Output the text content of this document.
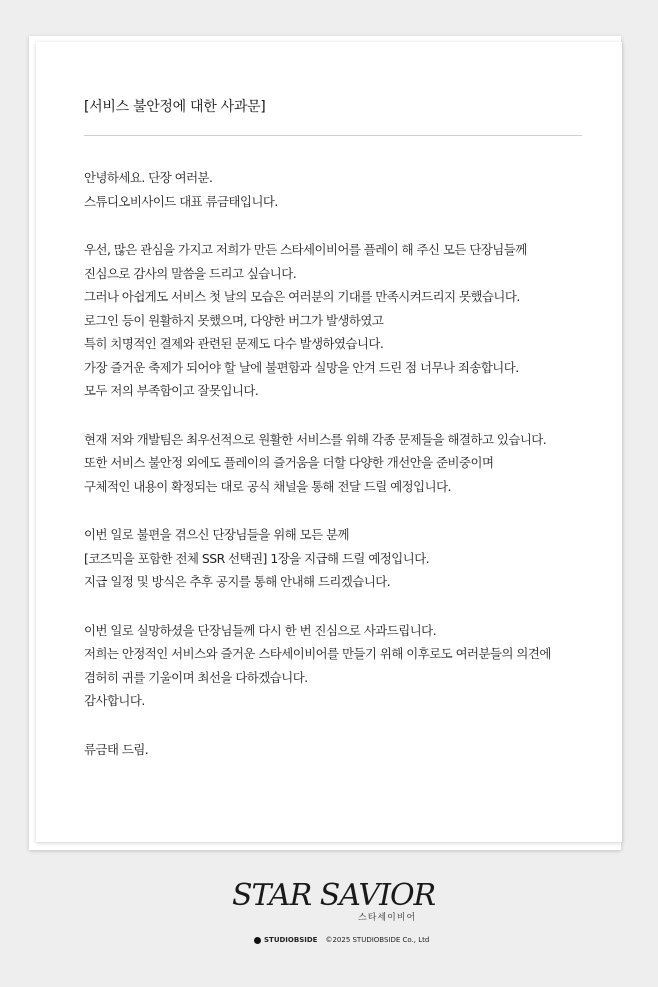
[서비스 불안정에 대한 사과문]
안녕하세요. 단장 여러분.
스튜디오비사이드 대표 류금태입니다.
우선, 많은 관심을 가지고 저희가 만든 스타세이비어를 플레이 해 주신 모든 단장님들께
진심으로 감사의 말씀을 드리고 싶습니다.
그러나 아쉽게도 서비스 첫 날의 모습은 여러분의 기대를 만족시켜드리지 못했습니다.
로그인 등이 원활하지 못했으며, 다양한 버그가 발생하였고
특히 치명적인 결제와 관련된 문제도 다수 발생하였습니다.
가장 즐거운 축제가 되어야 할 날에 불편함과 실망을 안겨 드린 점 너무나 죄송합니다.
모두 저의 부족함이고 잘못입니다.
현재 저와 개발팀은 최우선적으로 원활한 서비스를 위해 각종 문제들을 해결하고 있습니다.
또한 서비스 불안정 외에도 플레이의 즐거움을 더할 다양한 개선안을 준비중이며
구체적인 내용이 확정되는 대로 공식 채널을 통해 전달 드릴 예정입니다.
이번 일로 불편을 겪으신 단장님들을 위해 모든 분께
[코즈믹을 포함한 전체 SSR 선택권] 1장을 지급해 드릴 예정입니다.
지급 일정 및 방식은 추후 공지를 통해 안내해 드리겠습니다.
이번 일로 실망하셨을 단장님들께 다시 한 번 진심으로 사과드립니다.
저희는 안정적인 서비스와 즐거운 스타세이비어를 만들기 위해 이후로도 여러분들의 의견에
겸허히 귀를 기울이며 최선을 다하겠습니다.
감사합니다.
류금태 드림.
STAR SAVIOR
스타세이비어
STUDIOBSIDE ©2025 STUDIOBSIDE Co., Ltd
